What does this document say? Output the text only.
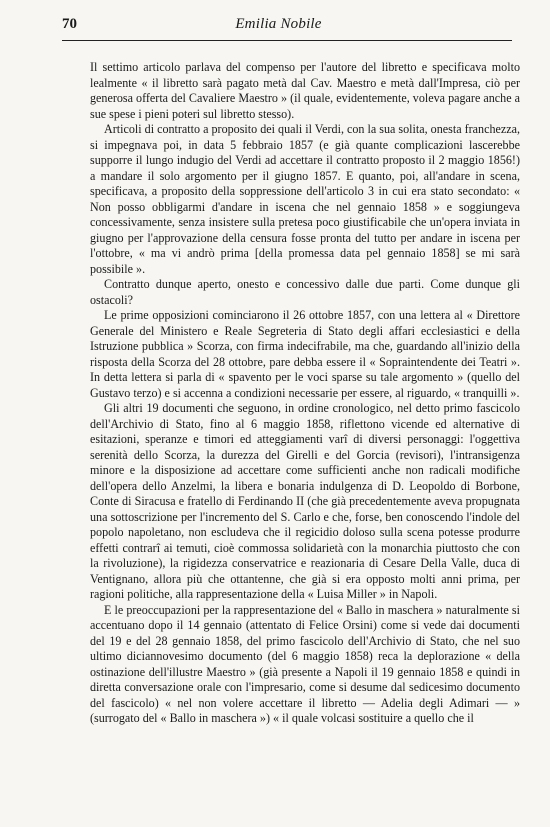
70	Emilia Nobile

Il settimo articolo parlava del compenso per l'autore del libretto e specificava molto lealmente « il libretto sarà pagato metà dal Cav. Maestro e metà dall'Impresa, ciò per generosa offerta del Cavaliere Maestro » (il quale, evidentemente, voleva pagare anche a sue spese i pieni poteri sul libretto stesso).

Articoli di contratto a proposito dei quali il Verdi, con la sua solita, onesta franchezza, si impegnava poi, in data 5 febbraio 1857 (e già quante complicazioni lascerebbe supporre il lungo indugio del Verdi ad accettare il contratto proposto il 2 maggio 1856!) a mandare il solo argomento per il giugno 1857. E quanto, poi, all'andare in scena, specificava, a proposito della soppressione dell'articolo 3 in cui era stato secondato: « Non posso obbligarmi d'andare in iscena che nel gennaio 1858 » e soggiungeva concessivamente, senza insistere sulla pretesa poco giustificabile che un'opera inviata in giugno per l'approvazione della censura fosse pronta del tutto per andare in iscena per l'ottobre, « ma vi andrò prima [della promessa data pel gennaio 1858] se mi sarà possibile ».

Contratto dunque aperto, onesto e concessivo dalle due parti. Come dunque gli ostacoli?

Le prime opposizioni cominciarono il 26 ottobre 1857, con una lettera al « Direttore Generale del Ministero e Reale Segreteria di Stato degli affari ecclesiastici e della Istruzione pubblica » Scorza, con firma indecifrabile, ma che, guardando all'inizio della risposta della Scorza del 28 ottobre, pare debba essere il « Sopraintendente dei Teatri ». In detta lettera si parla di « spavento per le voci sparse su tale argomento » (quello del Gustavo terzo) e si accenna a condizioni necessarie per essere, al riguardo, « tranquilli ».

Gli altri 19 documenti che seguono, in ordine cronologico, nel detto primo fascicolo dell'Archivio di Stato, fino al 6 maggio 1858, riflettono vicende ed alternative di esitazioni, speranze e timori ed atteggiamenti varî di diversi personaggi: l'oggettiva serenità dello Scorza, la durezza del Girelli e del Gorcia (revisori), l'intransigenza minore e la disposizione ad accettare come sufficienti anche non radicali modifiche dell'opera dello Anzelmi, la libera e bonaria indulgenza di D. Leopoldo di Borbone, Conte di Siracusa e fratello di Ferdinando II (che già precedentemente aveva propugnata una sottoscrizione per l'incremento del S. Carlo e che, forse, ben conoscendo l'indole del popolo napoletano, non escludeva che il regicidio doloso sulla scena potesse produrre effetti contrarî ai temuti, cioè commossa solidarietà con la monarchia piuttosto che con la rivoluzione), la rigidezza conservatrice e reazionaria di Cesare Della Valle, duca di Ventignano, allora più che ottantenne, che già si era opposto molti anni prima, per ragioni politiche, alla rappresentazione della « Luisa Miller » in Napoli.

E le preoccupazioni per la rappresentazione del « Ballo in maschera » naturalmente si accentuano dopo il 14 gennaio (attentato di Felice Orsini) come si vede dai documenti del 19 e del 28 gennaio 1858, del primo fascicolo dell'Archivio di Stato, che nel suo ultimo diciannovesimo documento (del 6 maggio 1858) reca la deplorazione « della ostinazione dell'illustre Maestro » (già presente a Napoli il 19 gennaio 1858 e quindi in diretta conversazione orale con l'impresario, come si desume dal sedicesimo documento del fascicolo) « nel non volere accettare il libretto — Adelia degli Adimari — » (surrogato del « Ballo in maschera ») « il quale volcasi sostituire a quello che il
